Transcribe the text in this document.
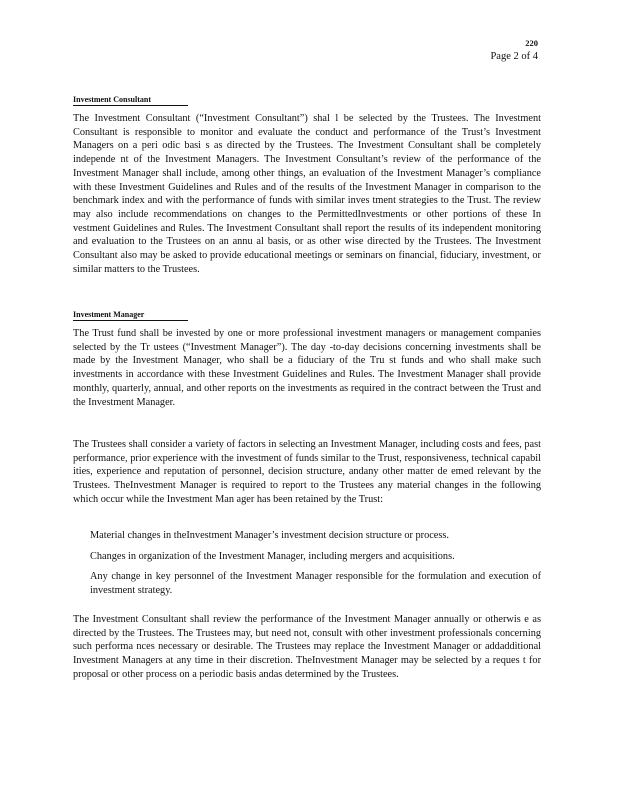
220
Page 2 of 4
Investment Consultant

The Investment Consultant (“Investment Consultant”) shal l be selected by the Trustees. The Investment Consultant is responsible to monitor and evaluate the conduct and performance of the Trust’s Investment Managers on a peri odic basi s as directed by the Trustees. The Investment Consultant shall be completely independe nt of the Investment Managers. The Investment Consultant’s review of the performance of the Investment Manager shall include, among other things, an evaluation of the Investment Manager’s compliance with these Investment Guidelines and Rules and of the results of the Investment Manager in comparison to the benchmark index and with the performance of funds with similar inves tment strategies to the Trust. The review may also include recommendations on changes to the PermittedInvestments or other portions of these In vestment Guidelines and Rules. The Investment Consultant shall report the results of its independent monitoring and evaluation to the Trustees on an annu al basis, or as other wise directed by the Trustees. The Investment Consultant also may be asked to provide educational meetings or seminars on financial, fiduciary, investment, or similar matters to the Trustees.

Investment Manager

The Trust fund shall be invested by one or more professional investment managers or management companies selected by the Tr ustees (“Investment Manager”). The day -to-day decisions concerning investments shall be made by the Investment Manager, who shall be a fiduciary of the Tru st funds and who shall make such investments in accordance with these Investment Guidelines and Rules. The Investment Manager shall provide monthly, quarterly, annual, and other reports on the investments as required in the contract between the Trust and the Investment Manager.

The Trustees shall consider a variety of factors in selecting an Investment Manager, including costs and fees, past performance, prior experience with the investment of funds similar to the Trust, responsiveness, technical capabil ities, experience and reputation of personnel, decision structure, andany other matter de emed relevant by the Trustees. TheInvestment Manager is required to report to the Trustees any material changes in the following which occur while the Investment Man ager has been retained by the Trust:

Material changes in theInvestment Manager’s investment decision structure or process.
Changes in organization of the Investment Manager, including mergers and acquisitions.
Any change in key personnel of the Investment Manager responsible for the formulation and execution of investment strategy.

The Investment Consultant shall review the performance of the Investment Manager annually or otherwis e as directed by the Trustees. The Trustees may, but need not, consult with other investment professionals concerning such performa nces necessary or desirable. The Trustees may replace the Investment Manager or addadditional Investment Managers at any time in their discretion. TheInvestment Manager may be selected by a reques t for proposal or other process on a periodic basis andas determined by the Trustees.
